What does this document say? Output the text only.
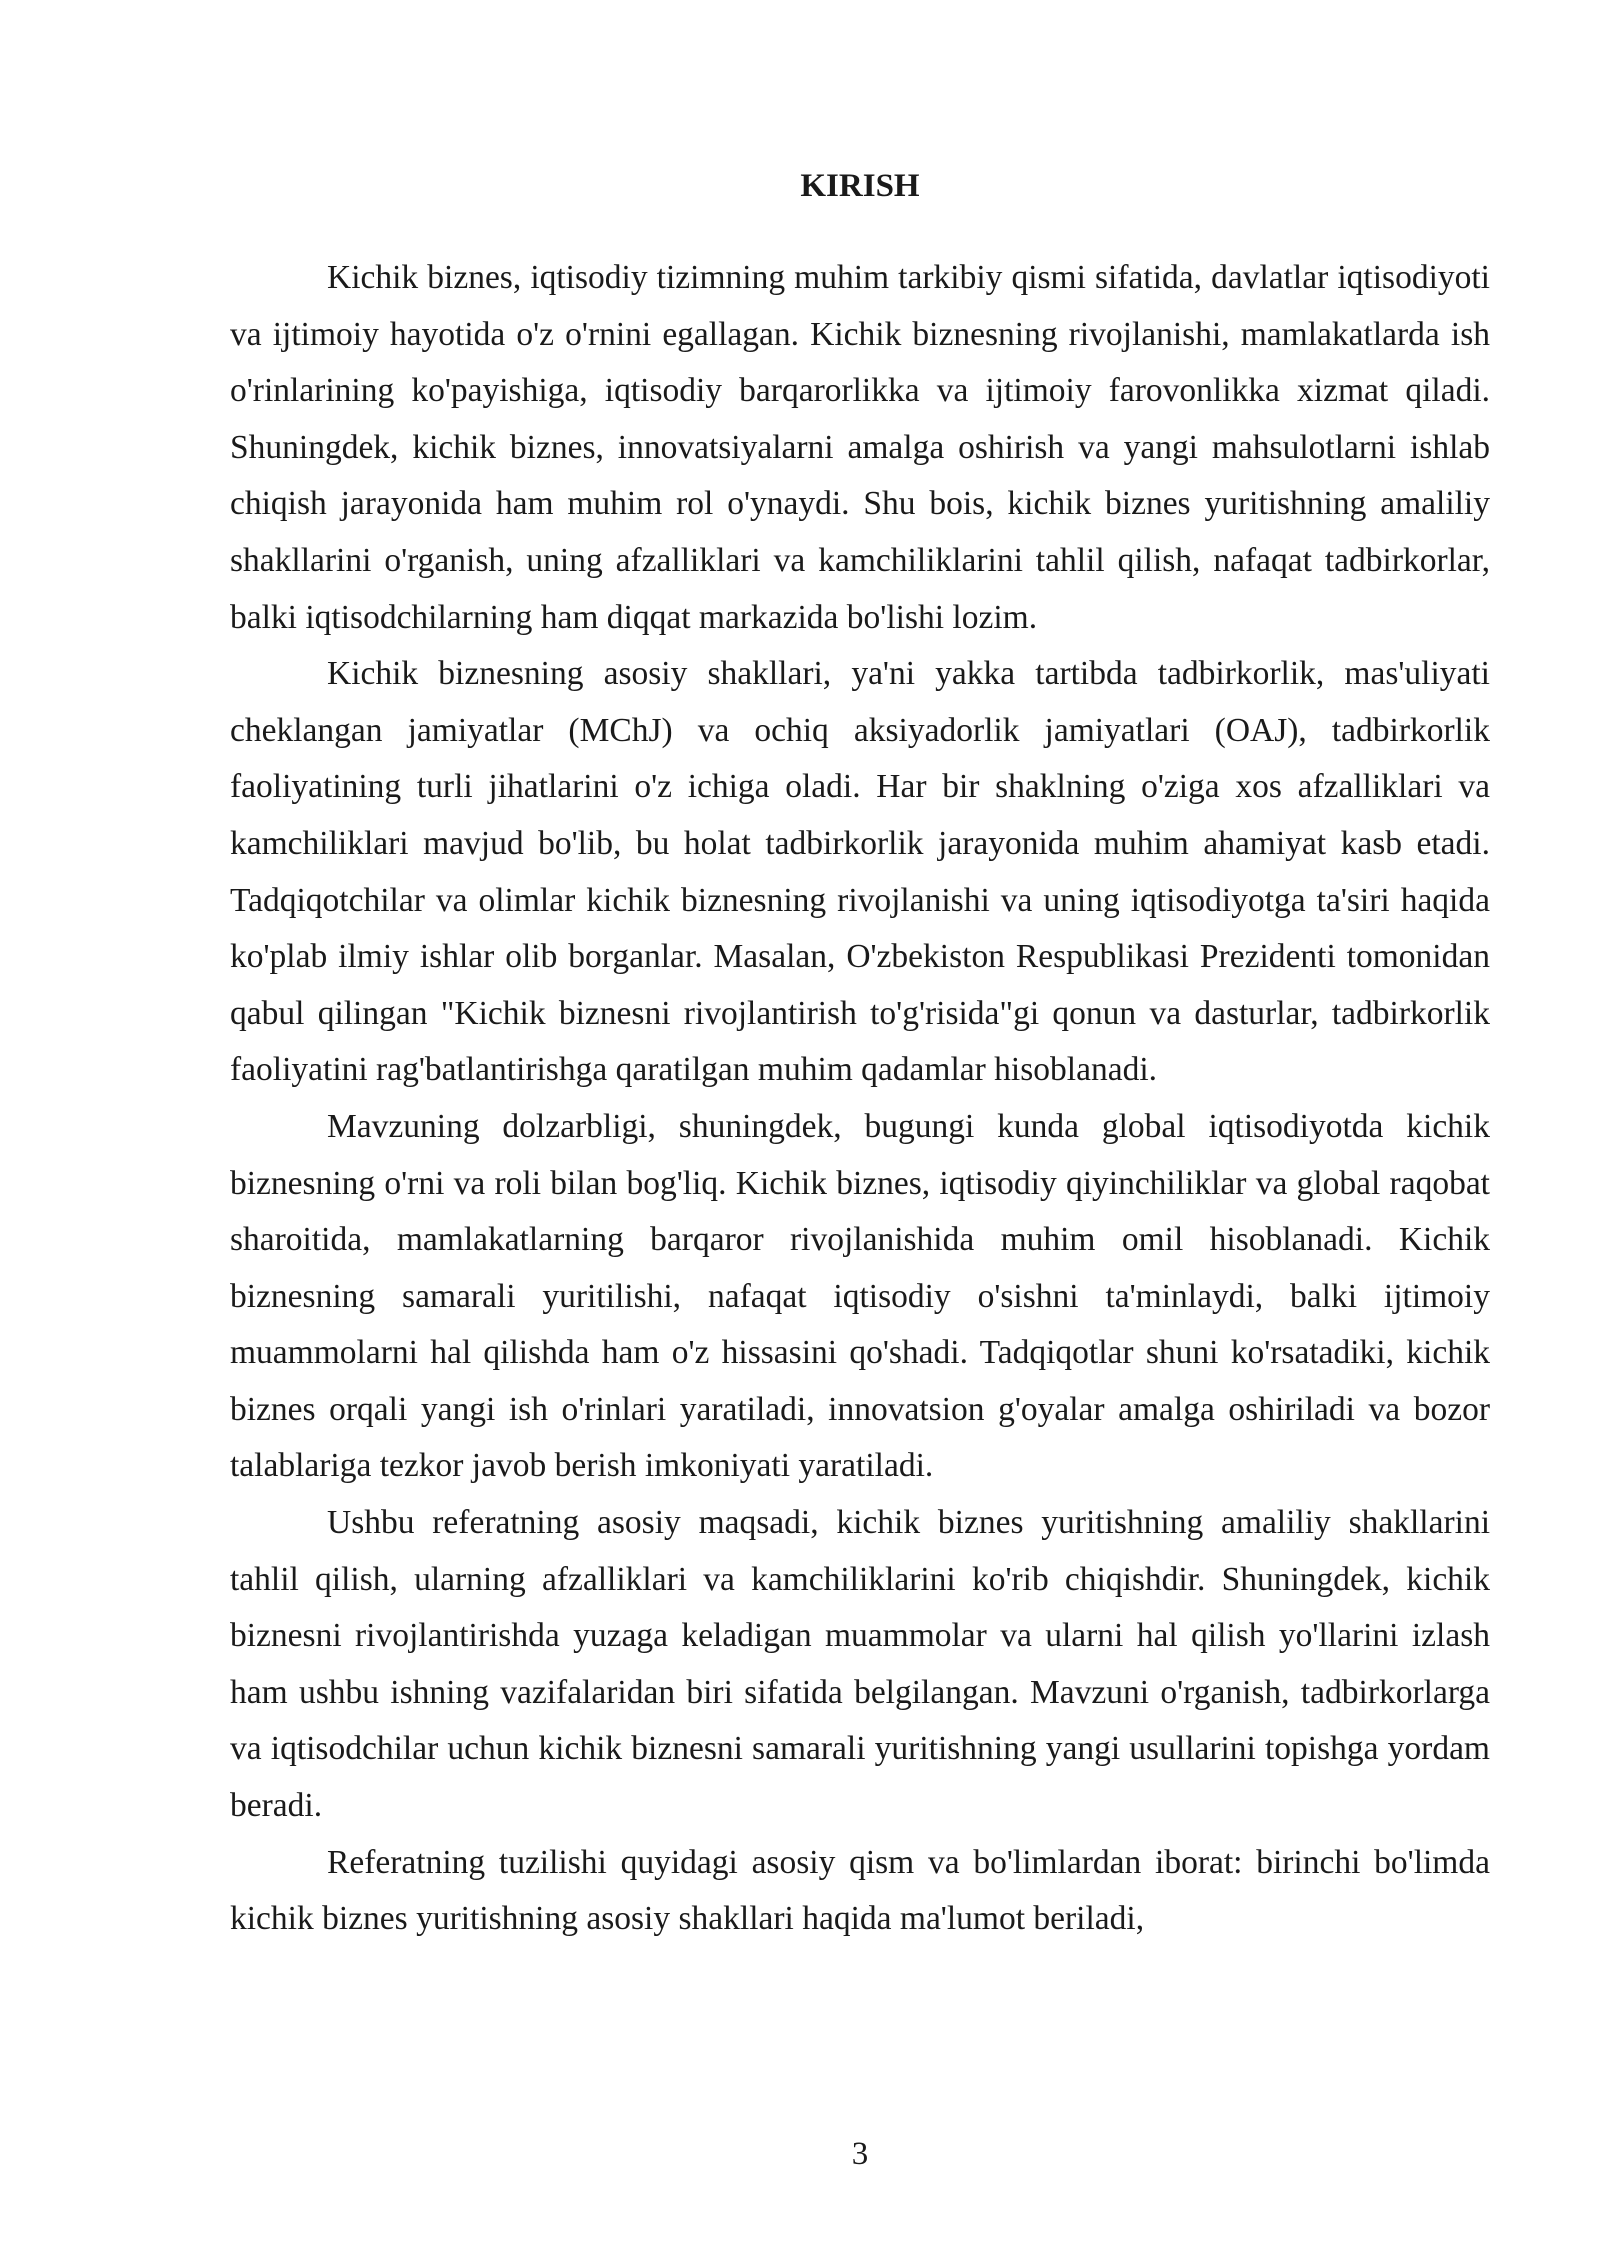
KIRISH

Kichik biznes, iqtisodiy tizimning muhim tarkibiy qismi sifatida, davlatlar iqtisodiyoti va ijtimoiy hayotida o'z o'rnini egallagan. Kichik biznesning rivojlanishi, mamlakatlarda ish o'rinlarining ko'payishiga, iqtisodiy barqarorlikka va ijtimoiy farovonlikka xizmat qiladi. Shuningdek, kichik biznes, innovatsiyalarni amalga oshirish va yangi mahsulotlarni ishlab chiqish jarayonida ham muhim rol o'ynaydi. Shu bois, kichik biznes yuritishning amaliliy shakllarini o'rganish, uning afzalliklari va kamchiliklarini tahlil qilish, nafaqat tadbirkorlar, balki iqtisodchilarning ham diqqat markazida bo'lishi lozim.

Kichik biznesning asosiy shakllari, ya'ni yakka tartibda tadbirkorlik, mas'uliyati cheklangan jamiyatlar (MChJ) va ochiq aksiyadorlik jamiyatlari (OAJ), tadbirkorlik faoliyatining turli jihatlarini o'z ichiga oladi. Har bir shaklning o'ziga xos afzalliklari va kamchiliklari mavjud bo'lib, bu holat tadbirkorlik jarayonida muhim ahamiyat kasb etadi. Tadqiqotchilar va olimlar kichik biznesning rivojlanishi va uning iqtisodiyotga ta'siri haqida ko'plab ilmiy ishlar olib borganlar. Masalan, O'zbekiston Respublikasi Prezidenti tomonidan qabul qilingan "Kichik biznesni rivojlantirish to'g'risida"gi qonun va dasturlar, tadbirkorlik faoliyatini rag'batlantirishga qaratilgan muhim qadamlar hisoblanadi.

Mavzuning dolzarbligi, shuningdek, bugungi kunda global iqtisodiyotda kichik biznesning o'rni va roli bilan bog'liq. Kichik biznes, iqtisodiy qiyinchiliklar va global raqobat sharoitida, mamlakatlarning barqaror rivojlanishida muhim omil hisoblanadi. Kichik biznesning samarali yuritilishi, nafaqat iqtisodiy o'sishni ta'minlaydi, balki ijtimoiy muammolarni hal qilishda ham o'z hissasini qo'shadi. Tadqiqotlar shuni ko'rsatadiki, kichik biznes orqali yangi ish o'rinlari yaratiladi, innovatsion g'oyalar amalga oshiriladi va bozor talablariga tezkor javob berish imkoniyati yaratiladi.

Ushbu referatning asosiy maqsadi, kichik biznes yuritishning amaliliy shakllarini tahlil qilish, ularning afzalliklari va kamchiliklarini ko'rib chiqishdir. Shuningdek, kichik biznesni rivojlantirishda yuzaga keladigan muammolar va ularni hal qilish yo'llarini izlash ham ushbu ishning vazifalaridan biri sifatida belgilangan. Mavzuni o'rganish, tadbirkorlarga va iqtisodchilar uchun kichik biznesni samarali yuritishning yangi usullarini topishga yordam beradi.

Referatning tuzilishi quyidagi asosiy qism va bo'limlardan iborat: birinchi bo'limda kichik biznes yuritishning asosiy shakllari haqida ma'lumot beriladi,

3
